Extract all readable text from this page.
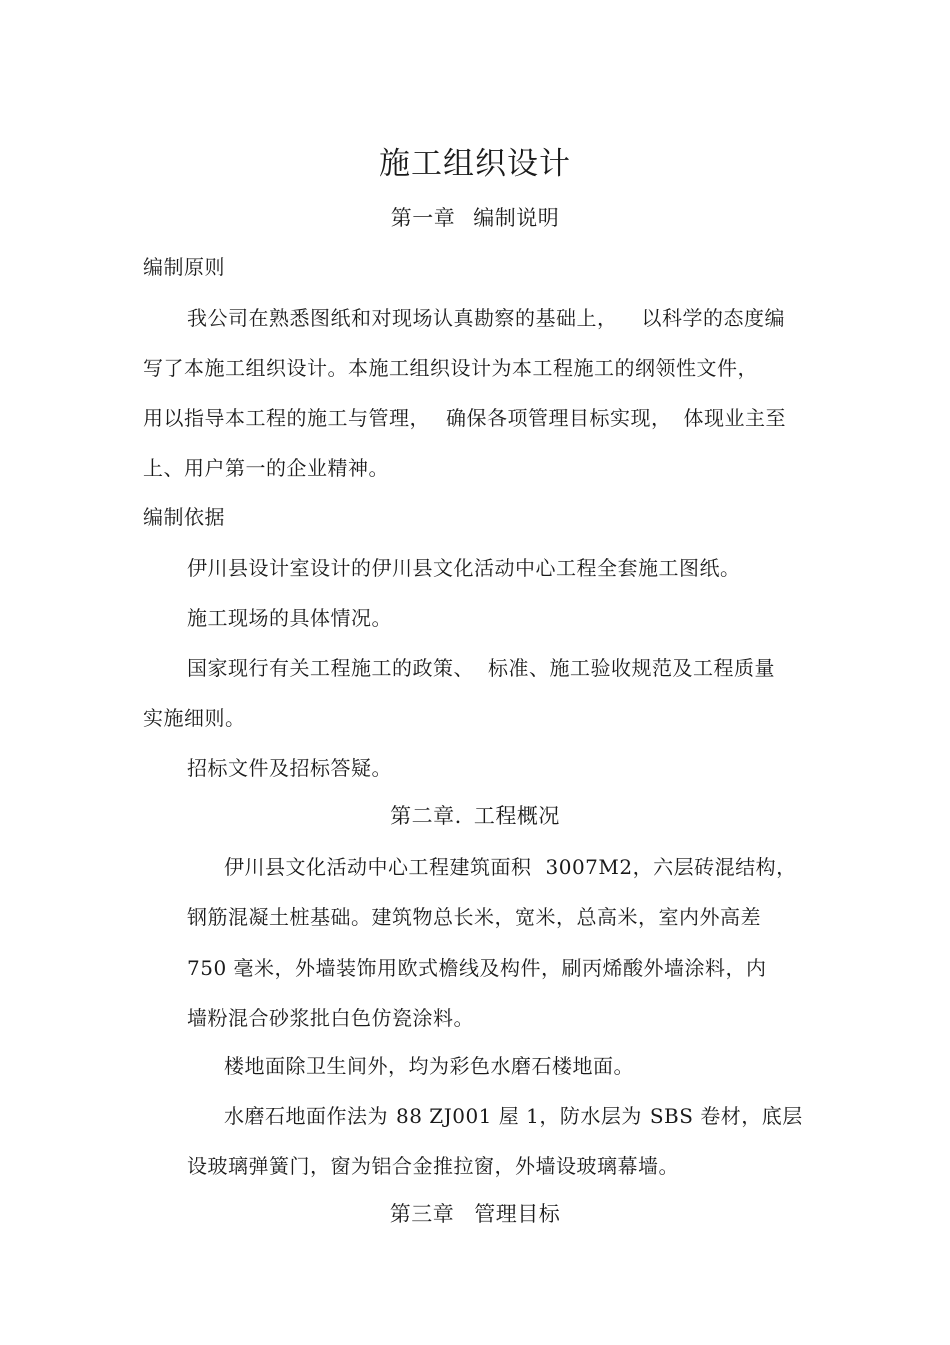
施工组织设计
第一章 编制说明
编制原则
我公司在熟悉图纸和对现场认真勘察的基础上， 以科学的态度编
写了本施工组织设计。本施工组织设计为本工程施工的纲领性文件，
用以指导本工程的施工与管理， 确保各项管理目标实现， 体现业主至
上、用户第一的企业精神。
编制依据
伊川县设计室设计的伊川县文化活动中心工程全套施工图纸。
施工现场的具体情况。
国家现行有关工程施工的政策、 标准、施工验收规范及工程质量
实施细则。
招标文件及招标答疑。
第二章. 工程概况
伊川县文化活动中心工程建筑面积 3007M2，六层砖混结构，
钢筋混凝土桩基础。建筑物总长米，宽米，总高米，室内外高差
750 毫米，外墙装饰用欧式檐线及构件，刷丙烯酸外墙涂料，内
墙粉混合砂浆批白色仿瓷涂料。
楼地面除卫生间外，均为彩色水磨石楼地面。
水磨石地面作法为 88 ZJ001 屋 1，防水层为 SBS 卷材，底层
设玻璃弹簧门，窗为铝合金推拉窗，外墙设玻璃幕墙。
第三章 管理目标
